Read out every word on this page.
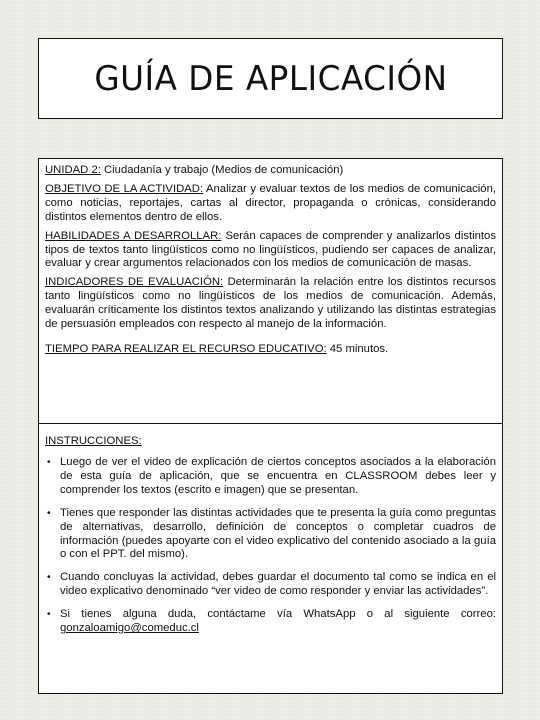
GUÍA DE APLICACIÓN

UNIDAD 2: Ciudadanía y trabajo (Medios de comunicación)

OBJETIVO DE LA ACTIVIDAD: Analizar y evaluar textos de los medios de comunicación, como noticias, reportajes, cartas al director, propaganda o crónicas, considerando distintos elementos dentro de ellos.

HABILIDADES A DESARROLLAR: Serán capaces de comprender y analizarlos distintos tipos de textos tanto lingüísticos como no lingüísticos, pudiendo ser capaces de analizar, evaluar y crear argumentos relacionados con los medios de comunicación de masas.

INDICADORES DE EVALUACIÓN: Determinarán la relación entre los distintos recursos tanto lingüísticos como no lingüísticos de los medios de comunicación. Además, evaluarán críticamente los distintos textos analizando y utilizando las distintas estrategias de persuasión empleados con respecto al manejo de la información.

TIEMPO PARA REALIZAR EL RECURSO EDUCATIVO: 45 minutos.

INSTRUCCIONES:
• Luego de ver el video de explicación de ciertos conceptos asociados a la elaboración de esta guía de aplicación, que se encuentra en CLASSROOM debes leer y comprender los textos (escrito e imagen) que se presentan.
• Tienes que responder las distintas actividades que te presenta la guía como preguntas de alternativas, desarrollo, definición de conceptos o completar cuadros de información (puedes apoyarte con el video explicativo del contenido asociado a la guía o con el PPT. del mismo).
• Cuando concluyas la actividad, debes guardar el documento tal como se indica en el video explicativo denominado “ver video de como responder y enviar las actividades”.
• Si tienes alguna duda, contáctame vía WhatsApp o al siguiente correo: gonzaloamigo@comeduc.cl
